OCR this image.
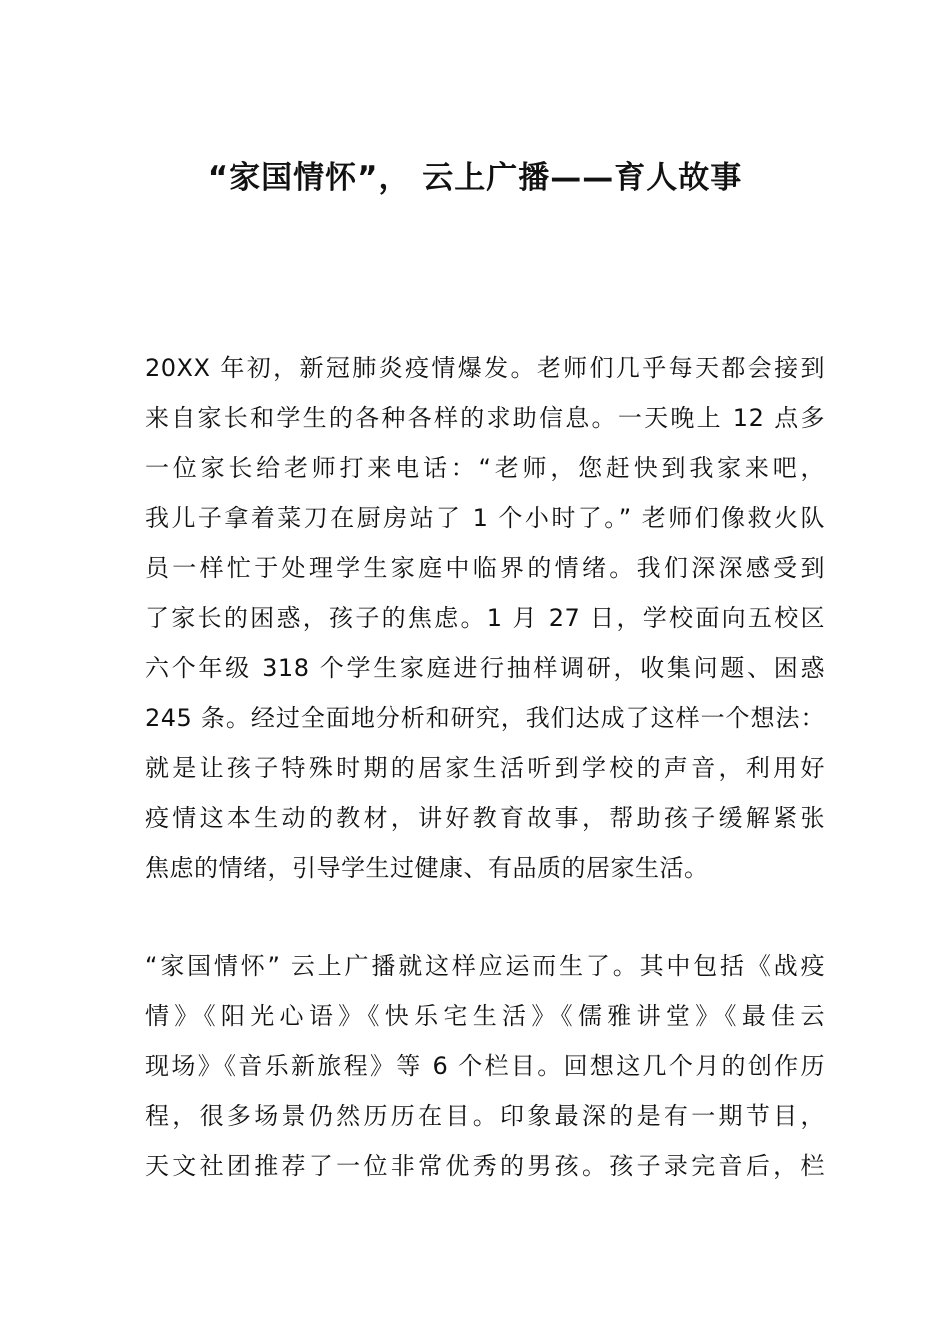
“家国情怀”， 云上广播——育人故事
20XX 年初，新冠肺炎疫情爆发。老师们几乎每天都会接到
来自家长和学生的各种各样的求助信息。一天晚上 12 点多
一位家长给老师打来电话：“老师，您赶快到我家来吧，
我儿子拿着菜刀在厨房站了 1 个小时了。” 老师们像救火队
员一样忙于处理学生家庭中临界的情绪。我们深深感受到
了家长的困惑，孩子的焦虑。1 月 27 日，学校面向五校区
六个年级 318 个学生家庭进行抽样调研，收集问题、困惑
245 条。经过全面地分析和研究，我们达成了这样一个想法：
就是让孩子特殊时期的居家生活听到学校的声音，利用好
疫情这本生动的教材，讲好教育故事，帮助孩子缓解紧张
焦虑的情绪，引导学生过健康、有品质的居家生活。
“家国情怀” 云上广播就这样应运而生了。其中包括《战疫
情》《阳光心语》《快乐宅生活》《儒雅讲堂》《最佳云
现场》《音乐新旅程》等 6 个栏目。回想这几个月的创作历
程，很多场景仍然历历在目。印象最深的是有一期节目，
天文社团推荐了一位非常优秀的男孩。孩子录完音后，栏
